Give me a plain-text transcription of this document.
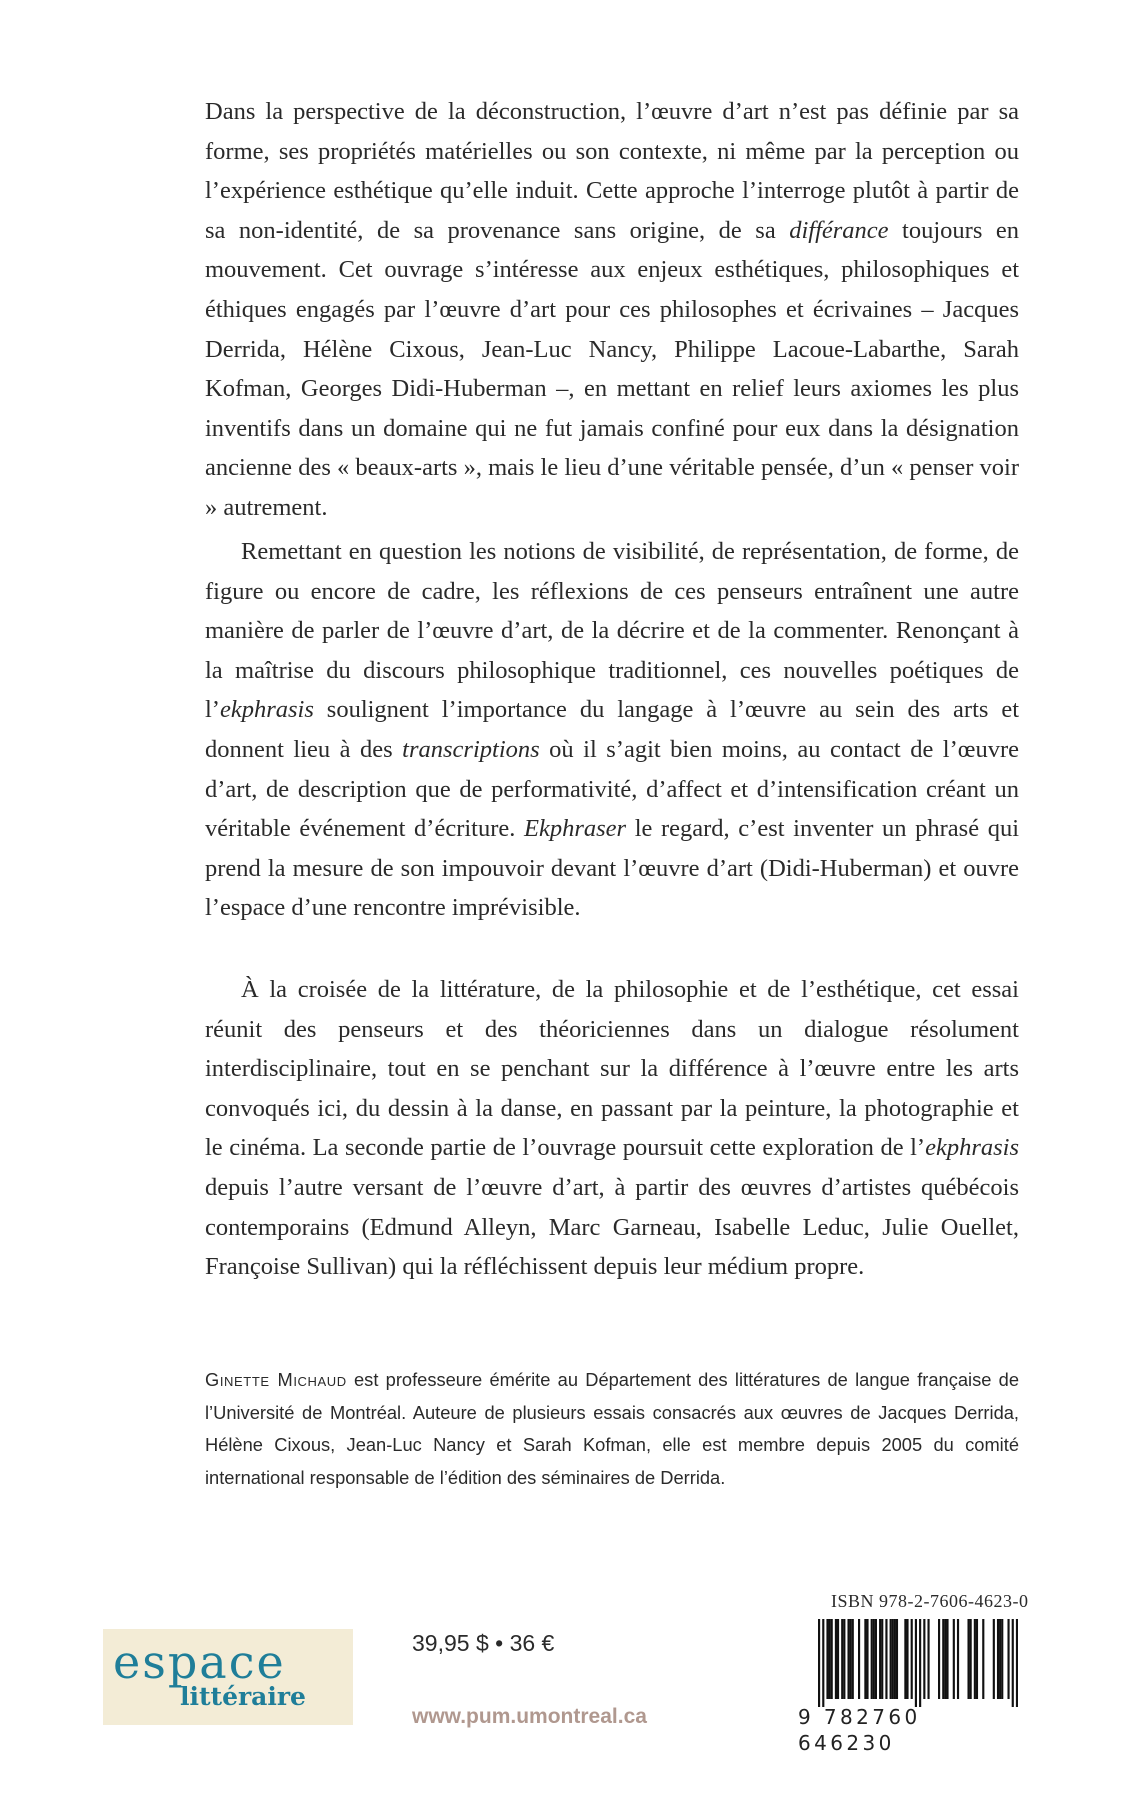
Dans la perspective de la déconstruction, l’œuvre d’art n’est pas définie par sa forme, ses propriétés matérielles ou son contexte, ni même par la perception ou l’expérience esthétique qu’elle induit. Cette approche l’interroge plutôt à partir de sa non-identité, de sa provenance sans origine, de sa différance toujours en mouvement. Cet ouvrage s’intéresse aux enjeux esthétiques, philosophiques et éthiques engagés par l’œuvre d’art pour ces philosophes et écrivaines – Jacques Derrida, Hélène Cixous, Jean-Luc Nancy, Philippe Lacoue-Labarthe, Sarah Kofman, Georges Didi-Huberman –, en mettant en relief leurs axiomes les plus inventifs dans un domaine qui ne fut jamais confiné pour eux dans la désignation ancienne des « beaux-arts », mais le lieu d’une véritable pensée, d’un « penser voir » autrement.

Remettant en question les notions de visibilité, de représentation, de forme, de figure ou encore de cadre, les réflexions de ces penseurs entraînent une autre manière de parler de l’œuvre d’art, de la décrire et de la commenter. Renonçant à la maîtrise du discours philosophique traditionnel, ces nouvelles poétiques de l’ekphrasis soulignent l’importance du langage à l’œuvre au sein des arts et donnent lieu à des transcriptions où il s’agit bien moins, au contact de l’œuvre d’art, de description que de performativité, d’affect et d’intensification créant un véritable événement d’écriture. Ekphraser le regard, c’est inventer un phrasé qui prend la mesure de son impouvoir devant l’œuvre d’art (Didi-Huberman) et ouvre l’espace d’une rencontre imprévisible.

À la croisée de la littérature, de la philosophie et de l’esthétique, cet essai réunit des penseurs et des théoriciennes dans un dialogue résolument interdisciplinaire, tout en se penchant sur la différence à l’œuvre entre les arts convoqués ici, du dessin à la danse, en passant par la peinture, la photographie et le cinéma. La seconde partie de l’ouvrage poursuit cette exploration de l’ekphrasis depuis l’autre versant de l’œuvre d’art, à partir des œuvres d’artistes québécois contemporains (Edmund Alleyn, Marc Garneau, Isabelle Leduc, Julie Ouellet, Françoise Sullivan) qui la réfléchissent depuis leur médium propre.

Ginette Michaud est professeure émérite au Département des littératures de langue française de l’Université de Montréal. Auteure de plusieurs essais consacrés aux œuvres de Jacques Derrida, Hélène Cixous, Jean-Luc Nancy et Sarah Kofman, elle est membre depuis 2005 du comité international responsable de l’édition des séminaires de Derrida.

espace
littéraire
39,95 $ • 36 €
www.pum.umontreal.ca
ISBN 978-2-7606-4623-0
9 782760 646230
